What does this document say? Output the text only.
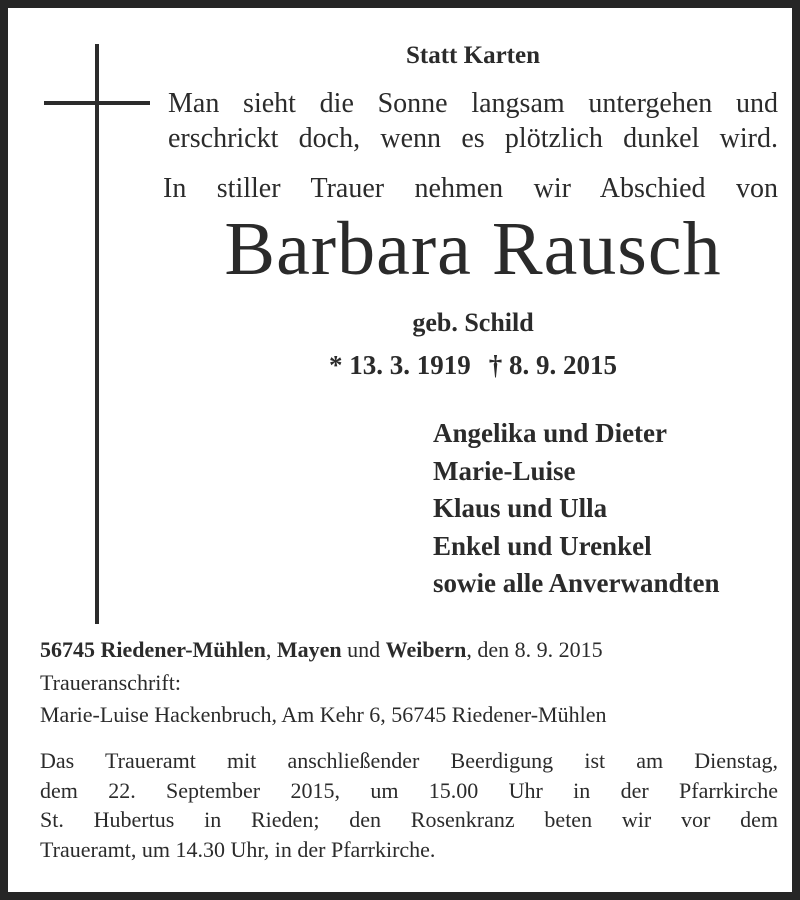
Statt Karten
Man sieht die Sonne langsam untergehen und
erschrickt doch, wenn es plötzlich dunkel wird.
In stiller Trauer nehmen wir Abschied von
Barbara Rausch
geb. Schild
* 13. 3. 1919 † 8. 9. 2015
Angelika und Dieter
Marie-Luise
Klaus und Ulla
Enkel und Urenkel
sowie alle Anverwandten
56745 Riedener-Mühlen, Mayen und Weibern, den 8. 9. 2015
Traueranschrift:
Marie-Luise Hackenbruch, Am Kehr 6, 56745 Riedener-Mühlen

Das Traueramt mit anschließender Beerdigung ist am Dienstag,
dem 22. September 2015, um 15.00 Uhr in der Pfarrkirche
St. Hubertus in Rieden; den Rosenkranz beten wir vor dem
Traueramt, um 14.30 Uhr, in der Pfarrkirche.
